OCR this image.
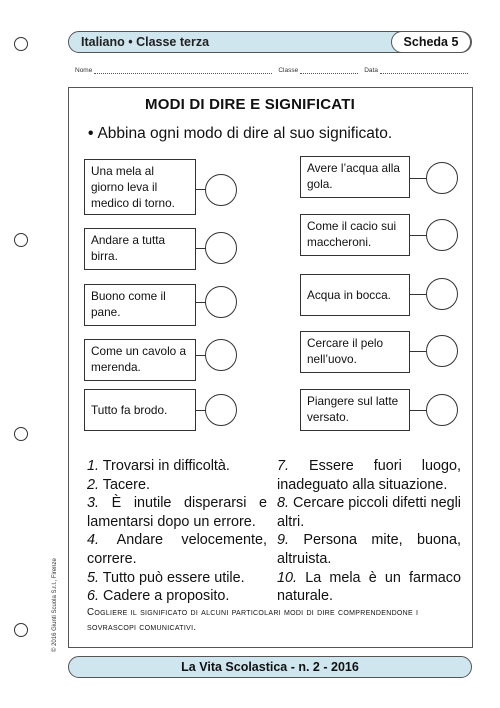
Italiano • Classe terza	Scheda 5
Nome	Classe	Data
MODI DI DIRE E SIGNIFICATI
• Abbina ogni modo di dire al suo significato.
Una mela al giorno leva il medico di torno.
Andare a tutta birra.
Buono come il pane.
Come un cavolo a merenda.
Tutto fa brodo.
Avere l’acqua alla gola.
Come il cacio sui maccheroni.
Acqua in bocca.
Cercare il pelo nell’uovo.
Piangere sul latte versato.

1. Trovarsi in difficoltà.

2. Tacere.

3. È inutile disperarsi e lamentarsi dopo un errore.

4. Andare velocemente, correre.

5. Tutto può essere utile.

6. Cadere a proposito.

7. Essere fuori luogo, inadeguato alla situazione.

8. Cercare piccoli difetti negli altri.

9. Persona mite, buona, altruista.

10. La mela è un farmaco naturale.

Cogliere il significato di alcuni particolari modi di dire comprendendone i sovrascopi comunicativi.
© 2016 Giunti Scuola S.r.l., Firenze
La Vita Scolastica - n. 2 - 2016
